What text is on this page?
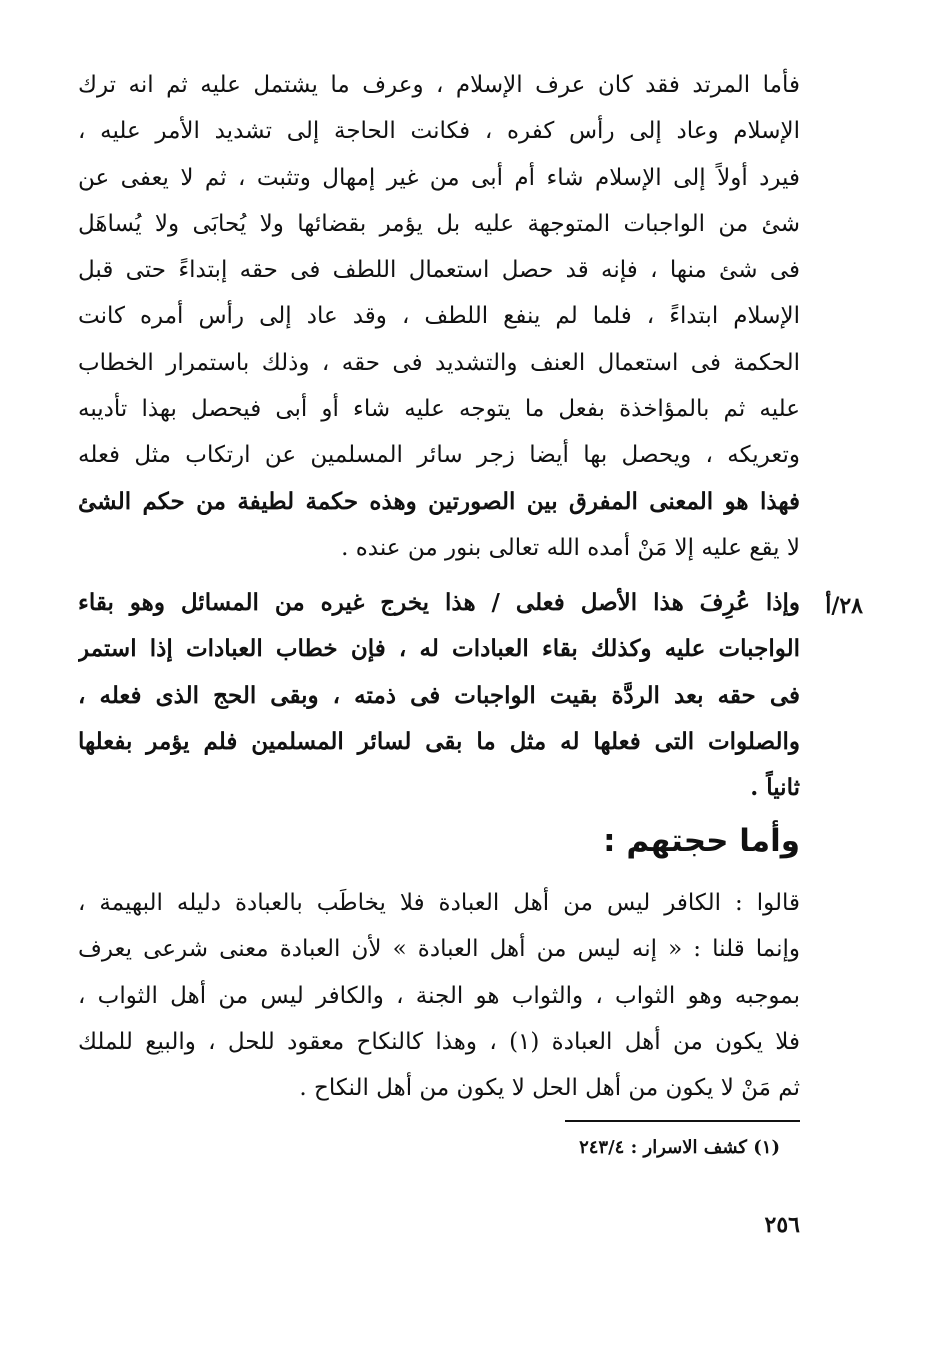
فأما المرتد فقد كان عرف الإسلام ، وعرف ما يشتمل عليه ثم انه ترك
الإسلام وعاد إلى رأس كفره ، فكانت الحاجة إلى تشديد الأمر عليه ،
فيرد أولاً إلى الإسلام شاء أم أبى من غير إمهال وتثبت ، ثم لا يعفى عن
شئ من الواجبات المتوجهة عليه بل يؤمر بقضائها ولا يُحابَى ولا يُساهَل
فى شئ منها ، فإنه قد حصل استعمال اللطف فى حقه إبتداءً حتى قبل
الإسلام ابتداءً ، فلما لم ينفع اللطف ، وقد عاد إلى رأس أمره كانت
الحكمة فى استعمال العنف والتشديد فى حقه ، وذلك باستمرار الخطاب
عليه ثم بالمؤاخذة بفعل ما يتوجه عليه شاء أو أبى فيحصل بهذا تأديبه
وتعريكه ، ويحصل بها أيضا زجر سائر المسلمين عن ارتكاب مثل فعله
فهذا هو المعنى المفرق بين الصورتين وهذه حكمة لطيفة من حكم الشئ
لا يقع عليه إلا مَنْ أمده الله تعالى بنور من عنده .
٢٨/أ
وإذا عُرِفَ هذا الأصل فعلى / هذا يخرج غيره من المسائل وهو بقاء
الواجبات عليه وكذلك بقاء العبادات له ، فإن خطاب العبادات إذا استمر
فى حقه بعد الردَّة بقيت الواجبات فى ذمته ، وبقى الحج الذى فعله ،
والصلوات التى فعلها له مثل ما بقى لسائر المسلمين فلم يؤمر بفعلها
ثانياً .
وأما حجتهم :
قالوا : الكافر ليس من أهل العبادة فلا يخاطَب بالعبادة دليله البهيمة ،
وإنما قلنا : « إنه ليس من أهل العبادة » لأن العبادة معنى شرعى يعرف
بموجبه وهو الثواب ، والثواب هو الجنة ، والكافر ليس من أهل الثواب ،
فلا يكون من أهل العبادة (١) ، وهذا كالنكاح معقود للحل ، والبيع للملك
ثم مَنْ لا يكون من أهل الحل لا يكون من أهل النكاح .
(١) كشف الاسرار : ٢٤٣/٤
٢٥٦
